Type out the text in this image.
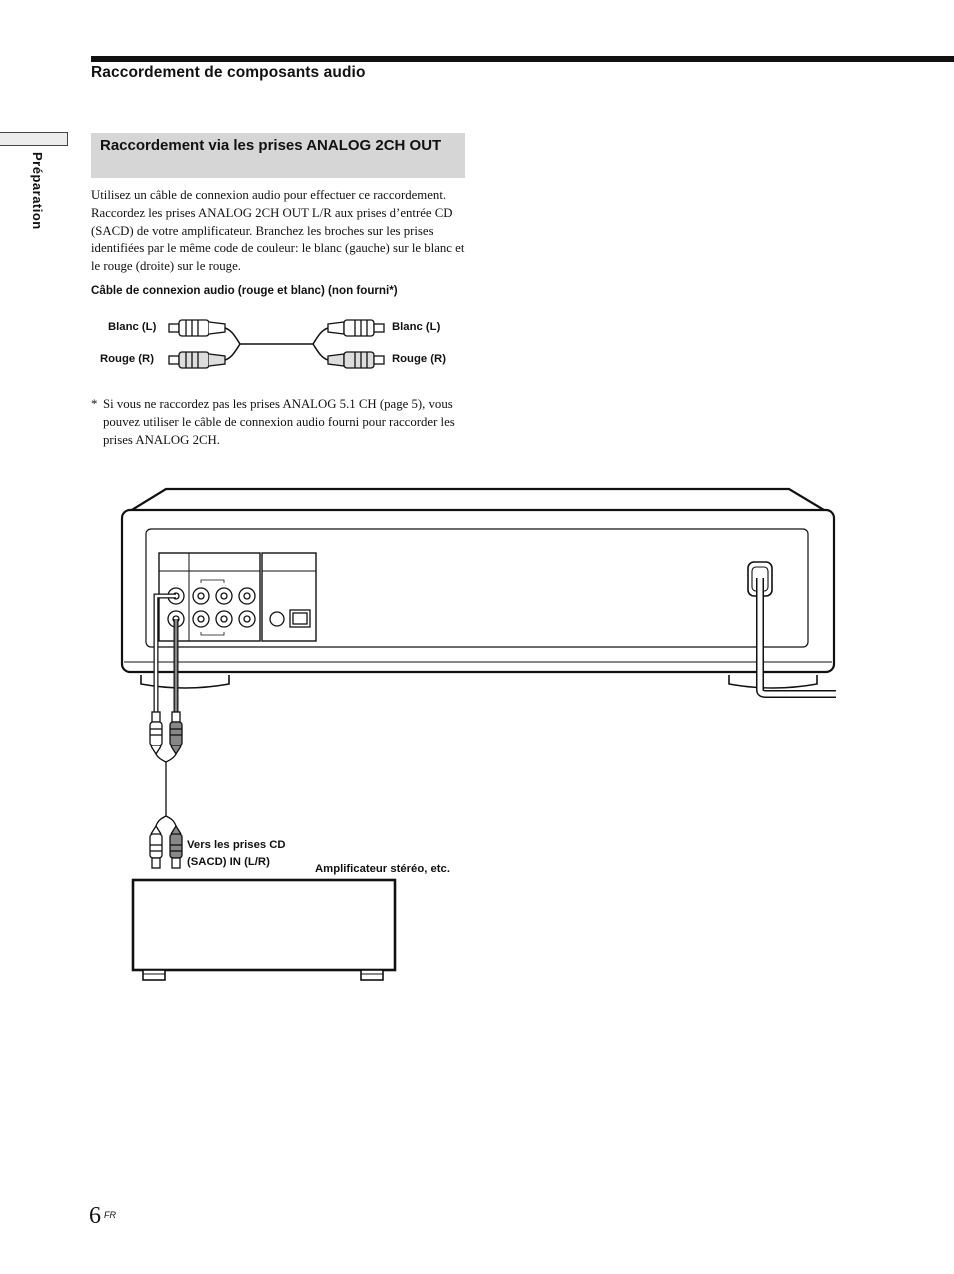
Raccordement de composants audio
Préparation
Raccordement via les prises ANALOG 2CH OUT
Utilisez un câble de connexion audio pour effectuer ce raccordement. Raccordez les prises ANALOG 2CH OUT L/R aux prises d’entrée CD (SACD) de votre amplificateur. Branchez les broches sur les prises identifiées par le même code de couleur: le blanc (gauche) sur le blanc et le rouge (droite) sur le rouge.
Câble de connexion audio (rouge et blanc) (non fourni*)
Blanc (L)
Rouge (R)
Blanc (L)
Rouge (R)
* Si vous ne raccordez pas les prises ANALOG 5.1 CH (page 5), vous pouvez utiliser le câble de connexion audio fourni pour raccorder les prises ANALOG 2CH.
Vers les prises CD
(SACD) IN (L/R)
Amplificateur stéréo, etc.
6 FR
